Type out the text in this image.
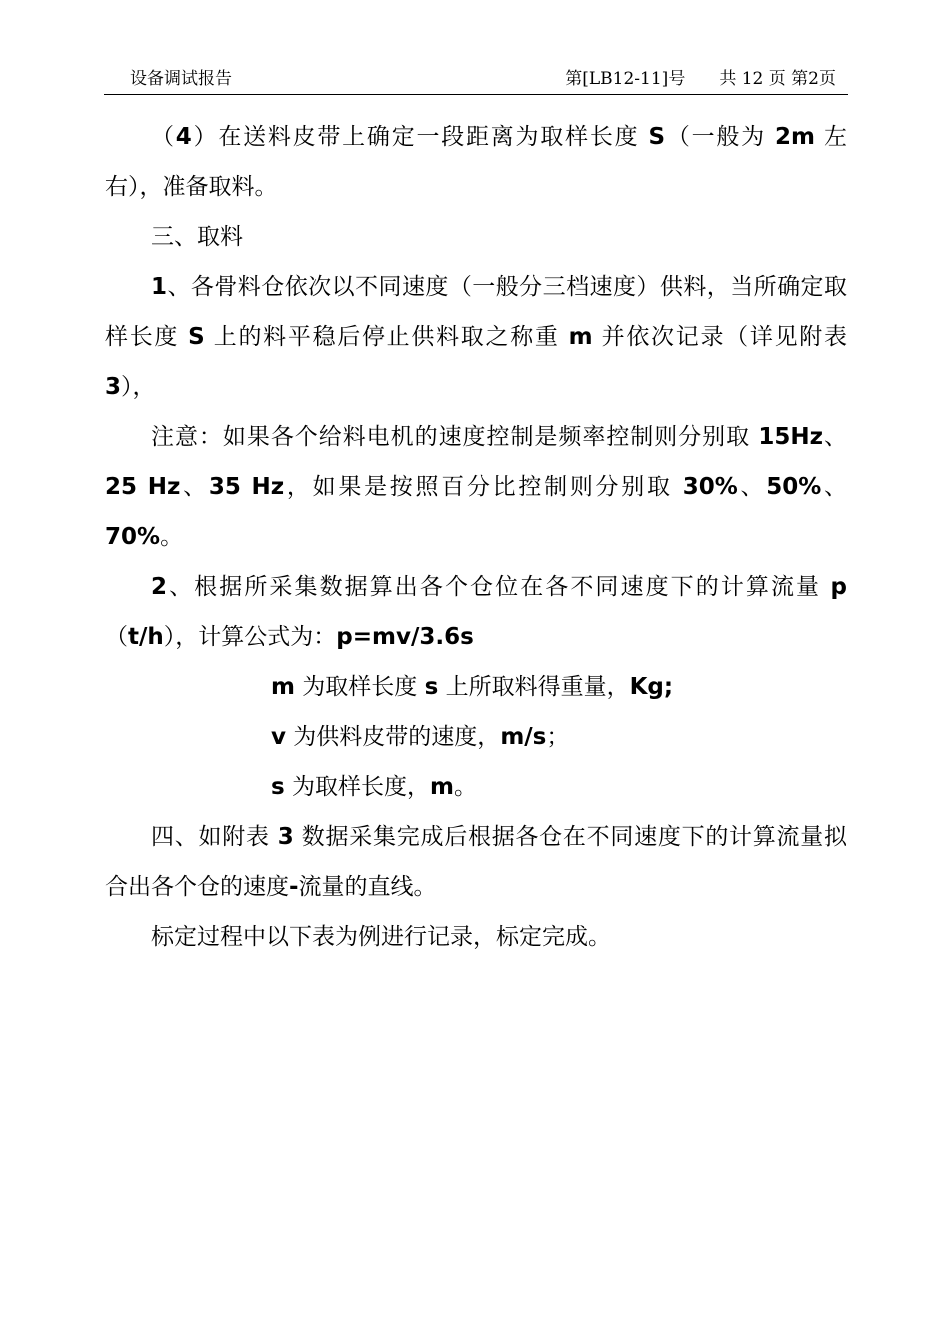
设备调试报告	第[LB12-11]号 共 12 页 第2页

（4）在送料皮带上确定一段距离为取样长度 S（一般为 2m 左右），准备取料。

三、取料

1、各骨料仓依次以不同速度（一般分三档速度）供料，当所确定取样长度 S 上的料平稳后停止供料取之称重 m 并依次记录（详见附表 3），

注意：如果各个给料电机的速度控制是频率控制则分别取 15Hz、25 Hz、35 Hz，如果是按照百分比控制则分别取 30%、50%、70%。

2、根据所采集数据算出各个仓位在各不同速度下的计算流量 p（t/h），计算公式为：p=mv/3.6s

m 为取样长度 s 上所取料得重量，Kg;

v 为供料皮带的速度，m/s；

s 为取样长度，m。

四、如附表 3 数据采集完成后根据各仓在不同速度下的计算流量拟合出各个仓的速度-流量的直线。

标定过程中以下表为例进行记录，标定完成。
